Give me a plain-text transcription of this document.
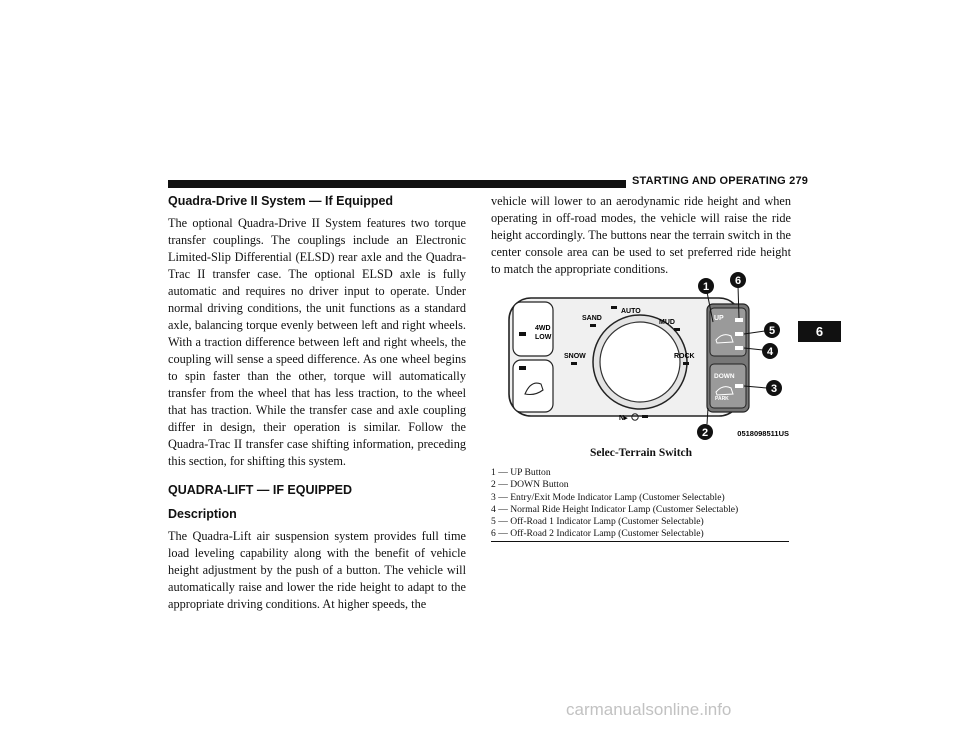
STARTING AND OPERATING 279
Quadra-Drive II System — If Equipped

The optional Quadra-Drive II System features two torque transfer couplings. The couplings include an Electronic Limited-Slip Differential (ELSD) rear axle and the Quadra-Trac II transfer case. The optional ELSD axle is fully automatic and requires no driver input to operate. Under normal driving conditions, the unit functions as a standard axle, balancing torque evenly between left and right wheels. With a traction difference between left and right wheels, the coupling will sense a speed difference. As one wheel begins to spin faster than the other, torque will automatically transfer from the wheel that has less traction, to the wheel that has traction. While the transfer case and axle coupling differ in design, their operation is similar. Follow the Quadra-Trac II transfer case shifting information, preceding this section, for shifting this system.

QUADRA-LIFT — IF EQUIPPED
Description

The Quadra-Lift air suspension system provides full time load leveling capability along with the benefit of vehicle height adjustment by the push of a button. The vehicle will automatically raise and lower the ride height to adapt to the appropriate driving conditions. At higher speeds, the

vehicle will lower to an aerodynamic ride height and when operating in off-road modes, the vehicle will raise the ride height accordingly. The buttons near the terrain switch in the center console area can be used to set preferred ride height to match the appropriate conditions.

6
4WD
LOW
AUTO
SAND
MUD
SNOW	ROCK
N▸
UP
DOWN
PARK
1 6
5
4
3
2	0518098511US
Selec-Terrain Switch
1 — UP Button
2 — DOWN Button
3 — Entry/Exit Mode Indicator Lamp (Customer Selectable)
4 — Normal Ride Height Indicator Lamp (Customer Selectable)
5 — Off-Road 1 Indicator Lamp (Customer Selectable)
6 — Off-Road 2 Indicator Lamp (Customer Selectable)
carmanualsonline.info
